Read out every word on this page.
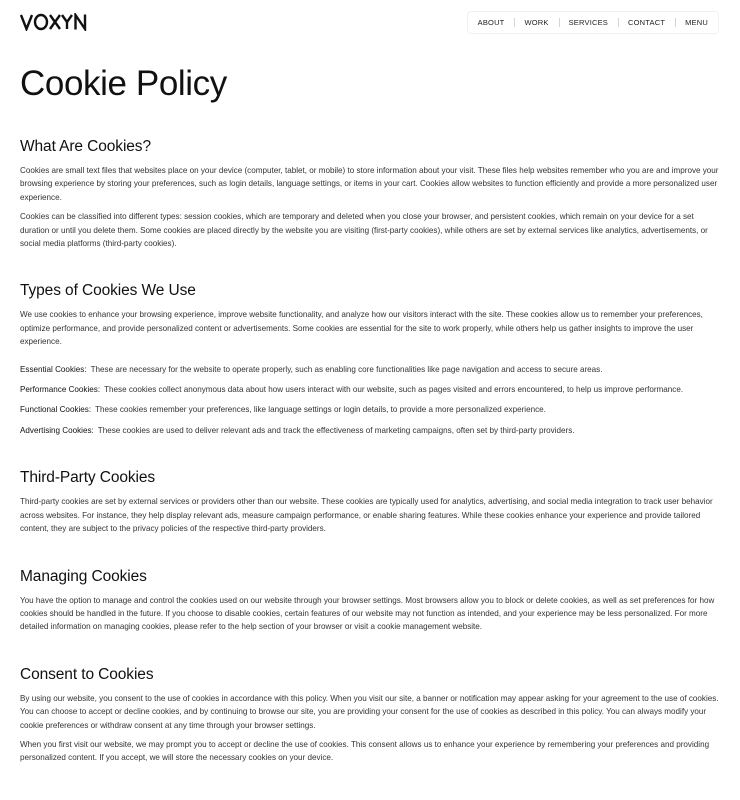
ABOUT	WORK	SERVICES	CONTACT	MENU
Cookie Policy
What Are Cookies?

Cookies are small text files that websites place on your device (computer, tablet, or mobile) to store information about your visit. These files help websites remember who you are and improve your browsing experience by storing your preferences, such as login details, language settings, or items in your cart. Cookies allow websites to function efficiently and provide a more personalized user experience.

Cookies can be classified into different types: session cookies, which are temporary and deleted when you close your browser, and persistent cookies, which remain on your device for a set duration or until you delete them. Some cookies are placed directly by the website you are visiting (first-party cookies), while others are set by external services like analytics, advertisements, or social media platforms (third-party cookies).

Types of Cookies We Use

We use cookies to enhance your browsing experience, improve website functionality, and analyze how our visitors interact with the site. These cookies allow us to remember your preferences, optimize performance, and provide personalized content or advertisements. Some cookies are essential for the site to work properly, while others help us gather insights to improve the user experience.

Essential Cookies: These are necessary for the website to operate properly, such as enabling core functionalities like page navigation and access to secure areas.
Performance Cookies: These cookies collect anonymous data about how users interact with our website, such as pages visited and errors encountered, to help us improve performance.
Functional Cookies: These cookies remember your preferences, like language settings or login details, to provide a more personalized experience.
Advertising Cookies: These cookies are used to deliver relevant ads and track the effectiveness of marketing campaigns, often set by third-party providers.
Third-Party Cookies

Third-party cookies are set by external services or providers other than our website. These cookies are typically used for analytics, advertising, and social media integration to track user behavior across websites. For instance, they help display relevant ads, measure campaign performance, or enable sharing features. While these cookies enhance your experience and provide tailored content, they are subject to the privacy policies of the respective third-party providers.

Managing Cookies

You have the option to manage and control the cookies used on our website through your browser settings. Most browsers allow you to block or delete cookies, as well as set preferences for how cookies should be handled in the future. If you choose to disable cookies, certain features of our website may not function as intended, and your experience may be less personalized. For more detailed information on managing cookies, please refer to the help section of your browser or visit a cookie management website.

Consent to Cookies

By using our website, you consent to the use of cookies in accordance with this policy. When you visit our site, a banner or notification may appear asking for your agreement to the use of cookies. You can choose to accept or decline cookies, and by continuing to browse our site, you are providing your consent for the use of cookies as described in this policy. You can always modify your cookie preferences or withdraw consent at any time through your browser settings.

When you first visit our website, we may prompt you to accept or decline the use of cookies. This consent allows us to enhance your experience by remembering your preferences and providing personalized content. If you accept, we will store the necessary cookies on your device.
